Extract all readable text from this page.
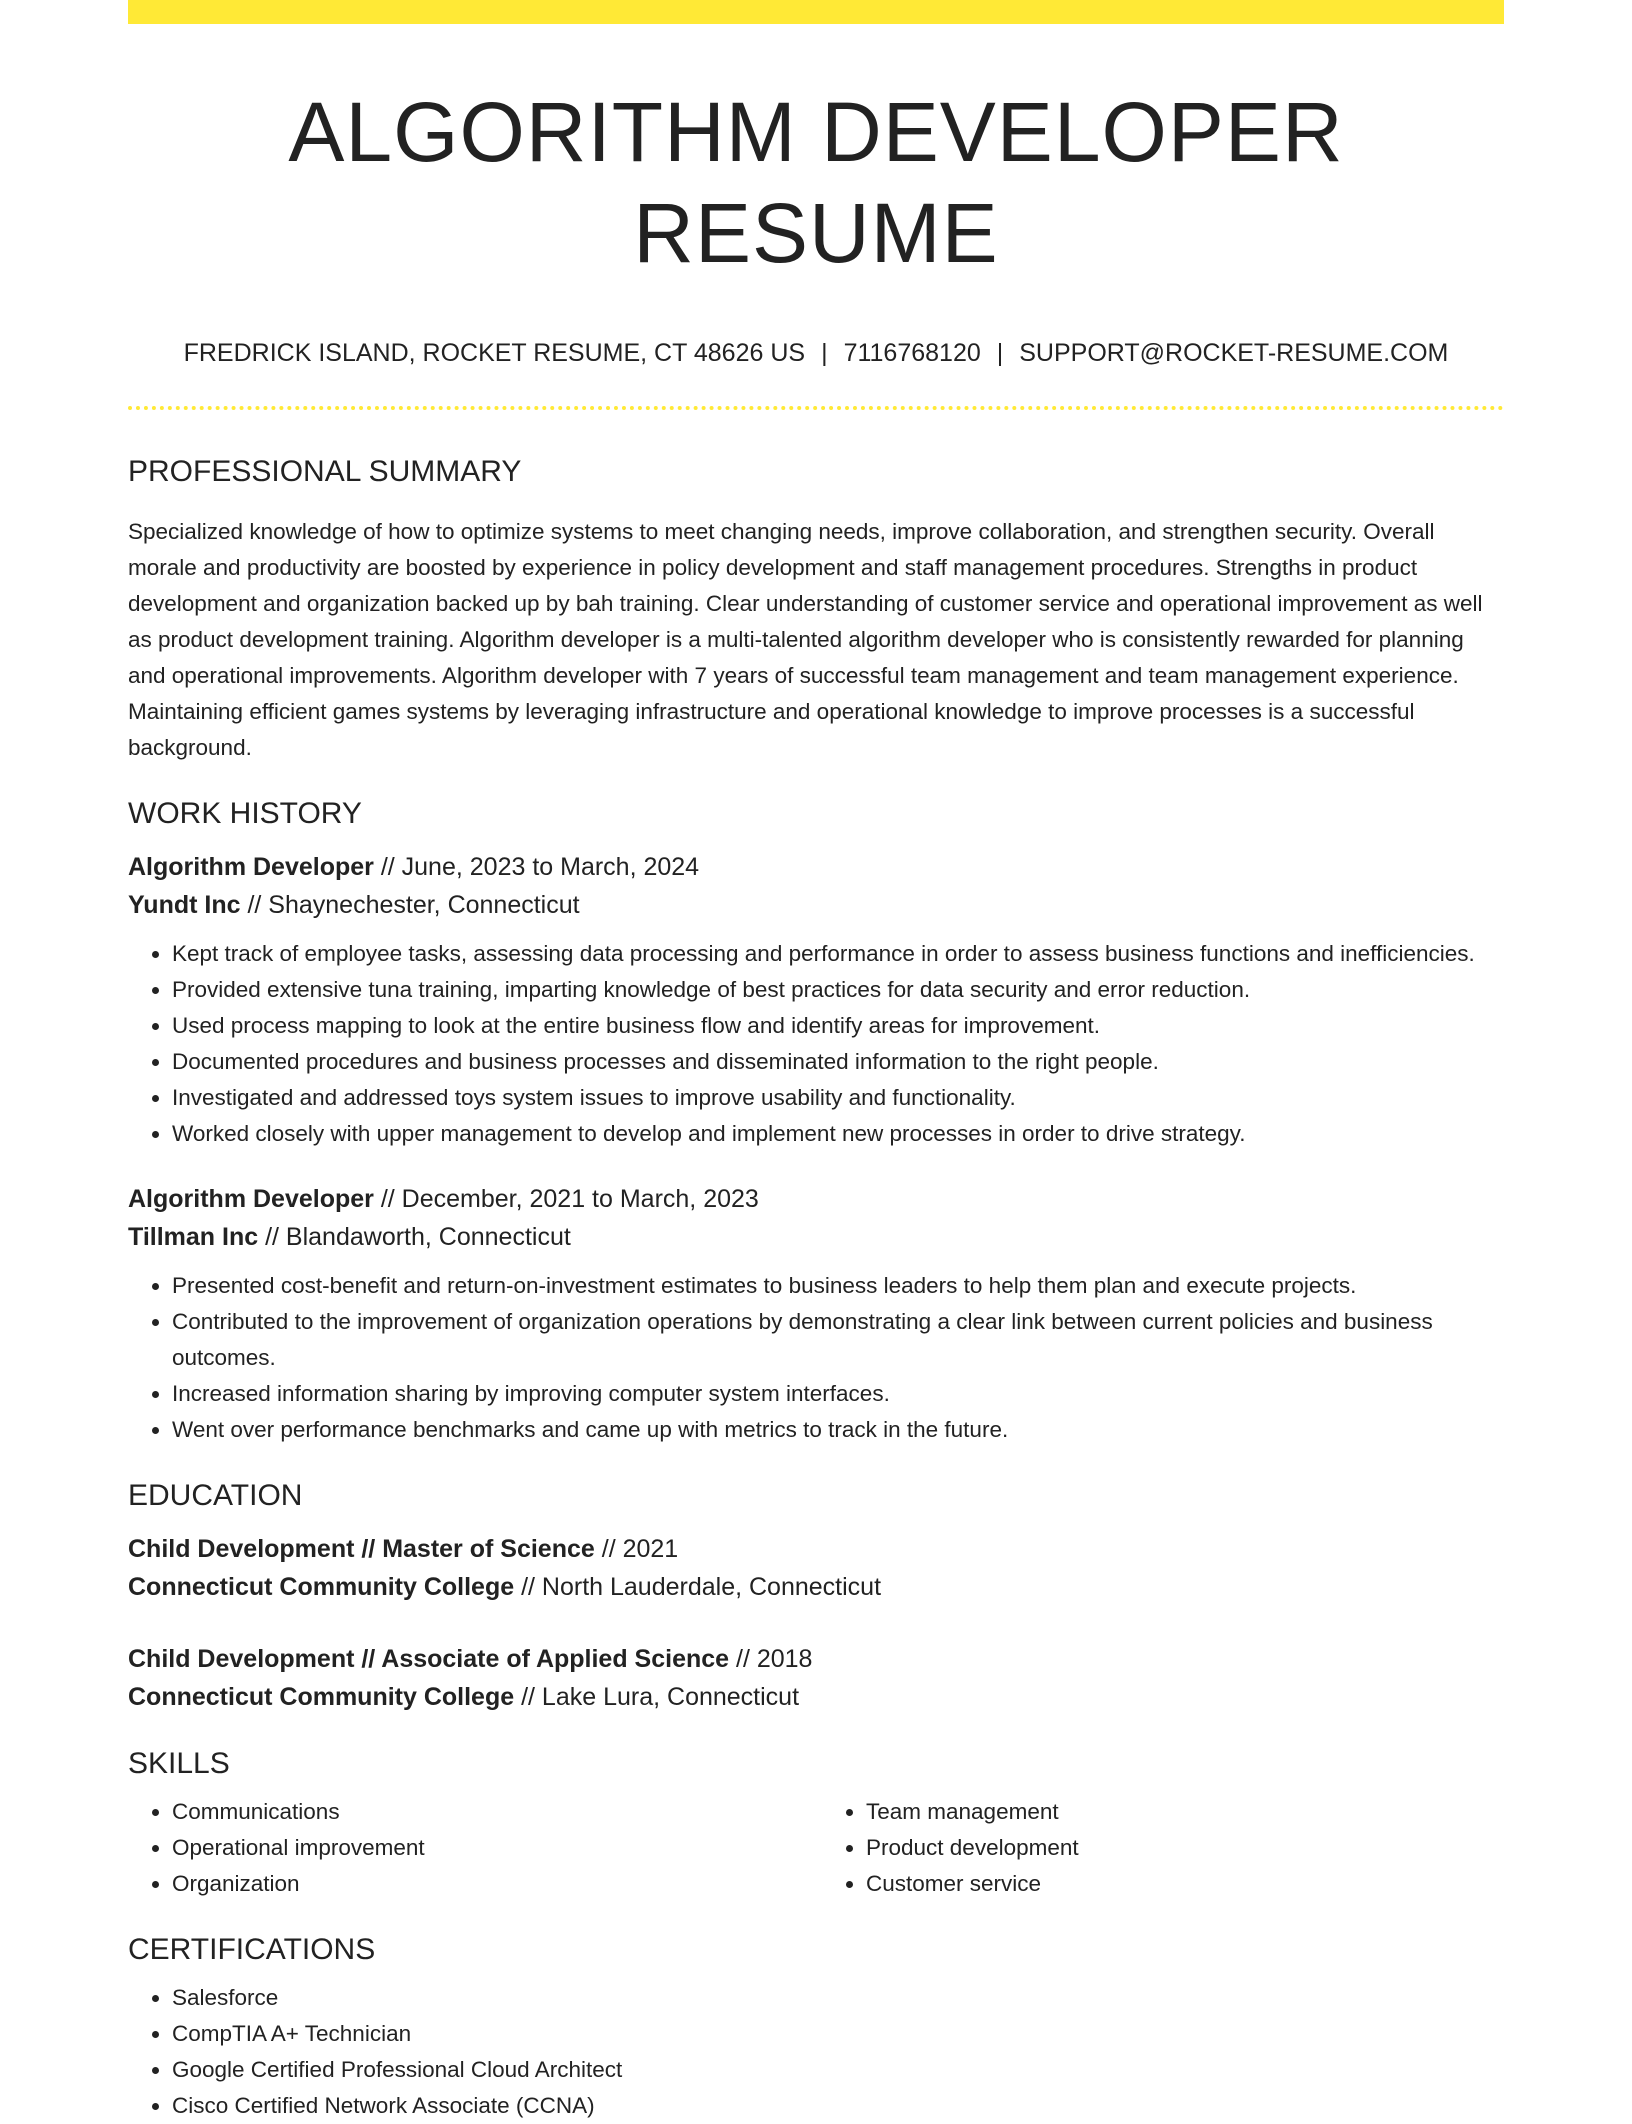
ALGORITHM DEVELOPER RESUME
FREDRICK ISLAND, ROCKET RESUME, CT 48626 US | 7116768120 | SUPPORT@ROCKET-RESUME.COM
PROFESSIONAL SUMMARY

Specialized knowledge of how to optimize systems to meet changing needs, improve collaboration, and strengthen security. Overall morale and productivity are boosted by experience in policy development and staff management procedures. Strengths in product development and organization backed up by bah training. Clear understanding of customer service and operational improvement as well as product development training. Algorithm developer is a multi-talented algorithm developer who is consistently rewarded for planning and operational improvements. Algorithm developer with 7 years of successful team management and team management experience. Maintaining efficient games systems by leveraging infrastructure and operational knowledge to improve processes is a successful background.

WORK HISTORY
Algorithm Developer // June, 2023 to March, 2024
Yundt Inc // Shaynechester, Connecticut
• Kept track of employee tasks, assessing data processing and performance in order to assess business functions and inefficiencies.
• Provided extensive tuna training, imparting knowledge of best practices for data security and error reduction.
• Used process mapping to look at the entire business flow and identify areas for improvement.
• Documented procedures and business processes and disseminated information to the right people.
• Investigated and addressed toys system issues to improve usability and functionality.
• Worked closely with upper management to develop and implement new processes in order to drive strategy.
Algorithm Developer // December, 2021 to March, 2023
Tillman Inc // Blandaworth, Connecticut
• Presented cost-benefit and return-on-investment estimates to business leaders to help them plan and execute projects.
• Contributed to the improvement of organization operations by demonstrating a clear link between current policies and business outcomes.
• Increased information sharing by improving computer system interfaces.
• Went over performance benchmarks and came up with metrics to track in the future.
EDUCATION
Child Development // Master of Science // 2021
Connecticut Community College // North Lauderdale, Connecticut
Child Development // Associate of Applied Science // 2018
Connecticut Community College // Lake Lura, Connecticut
SKILLS
• Communications
• Operational improvement
• Organization
• Team management
• Product development
• Customer service
CERTIFICATIONS
• Salesforce
• CompTIA A+ Technician
• Google Certified Professional Cloud Architect
• Cisco Certified Network Associate (CCNA)
